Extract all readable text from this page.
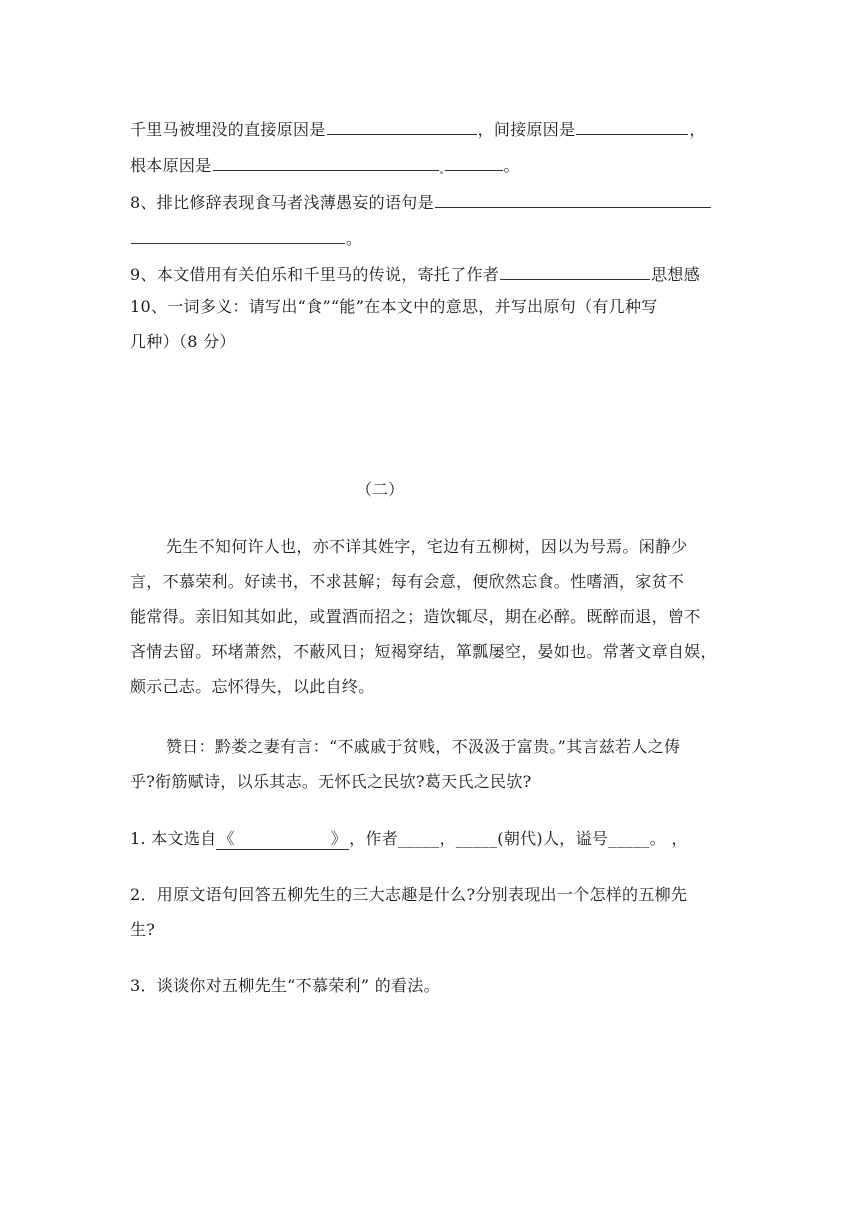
千里马被埋没的直接原因是	，间接原因是	，
根本原因是	。
8、排比修辞表现食马者浅薄愚妄的语句是
。
9、本文借用有关伯乐和千里马的传说，寄托了作者	思想感
10、一词多义：请写出“食”“能”在本文中的意思，并写出原句（有几种写
几种）（8 分）
（二）
先生不知何许人也，亦不详其姓字，宅边有五柳树，因以为号焉。闲静少
言，不慕荣利。好读书，不求甚解；每有会意，便欣然忘食。性嗜酒，家贫不
能常得。亲旧知其如此，或置酒而招之；造饮辄尽，期在必醉。既醉而退，曾不
吝情去留。环堵萧然，不蔽风日；短褐穿结，箪瓢屡空，晏如也。常著文章自娱，
颇示己志。忘怀得失，以此自终。
赞日：黔娄之妻有言：“不戚戚于贫贱，不汲汲于富贵。”其言兹若人之俦
乎?衔筋赋诗，以乐其志。无怀氏之民欤?葛天氏之民欤?
1. 本文选自 《	》 ，作者_____，_____(朝代)人，谥号_____。 ，
2．用原文语句回答五柳先生的三大志趣是什么?分别表现出一个怎样的五柳先
生?
3．谈谈你对五柳先生“不慕荣利” 的看法。
